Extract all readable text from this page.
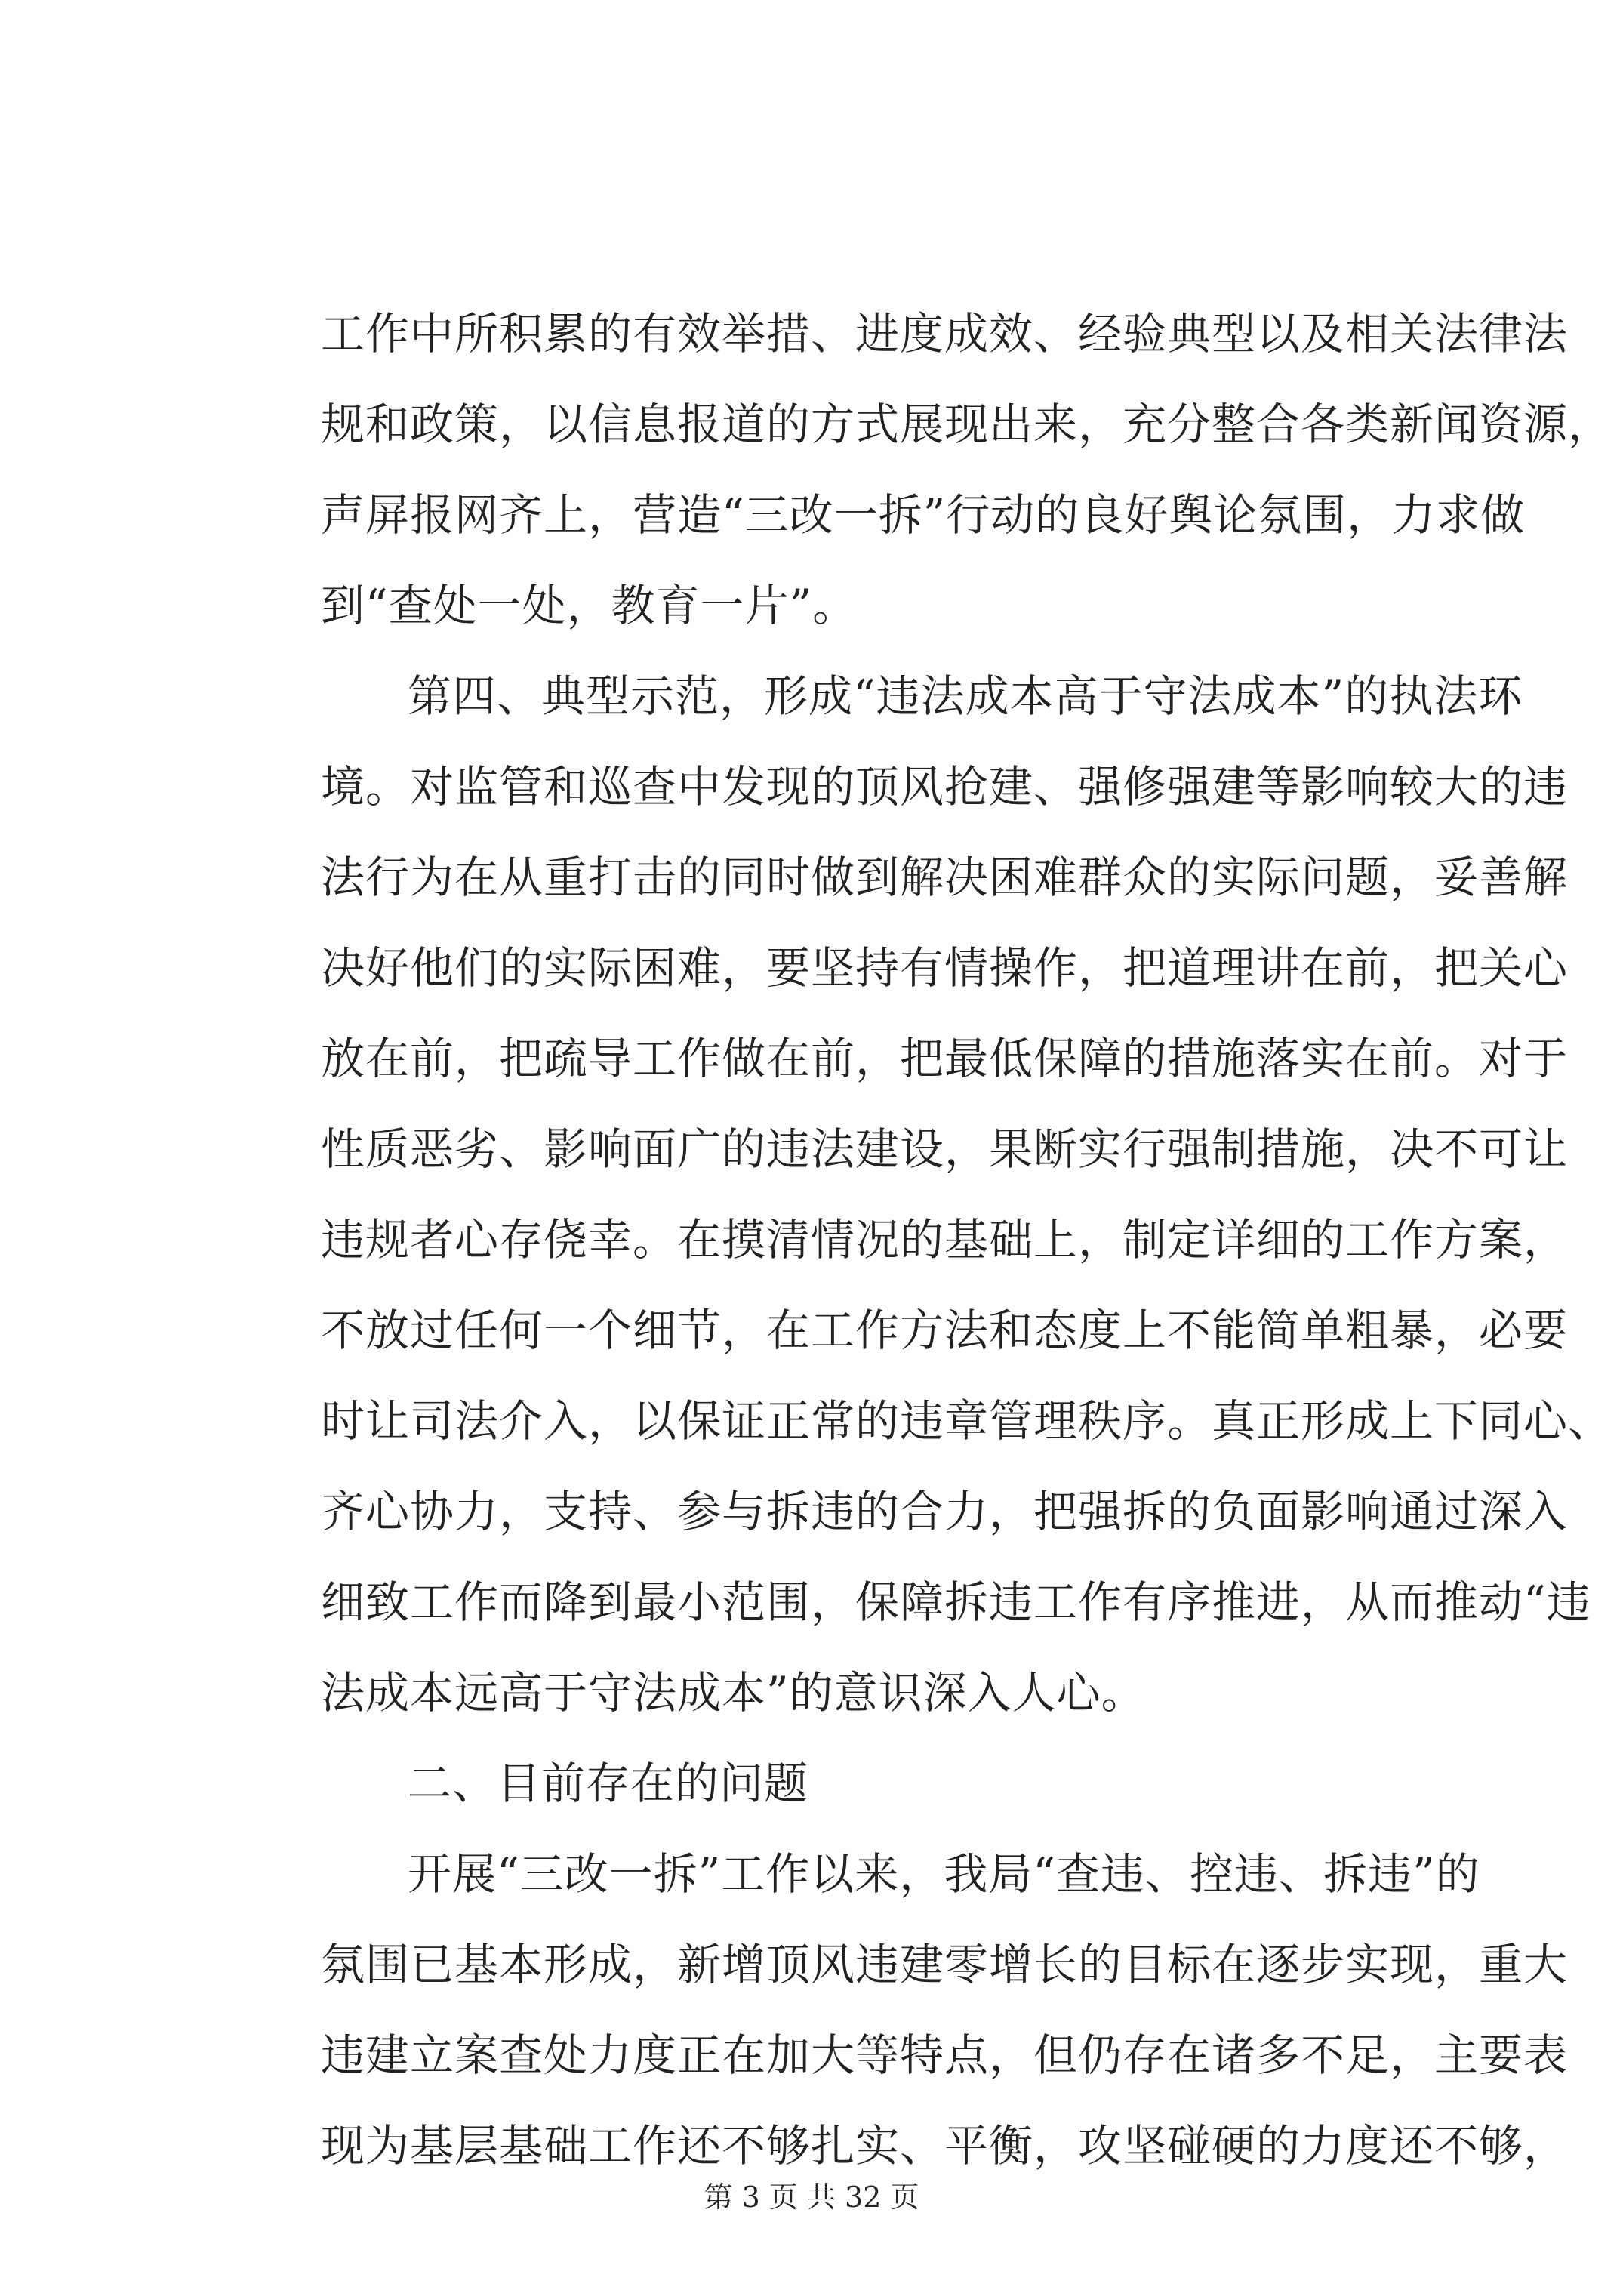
工作中所积累的有效举措、进度成效、经验典型以及相关法律法
规和政策，以信息报道的方式展现出来，充分整合各类新闻资源，
声屏报网齐上，营造“三改一拆”行动的良好舆论氛围，力求做
到“查处一处，教育一片”。
第四、典型示范，形成“违法成本高于守法成本”的执法环
境。对监管和巡查中发现的顶风抢建、强修强建等影响较大的违
法行为在从重打击的同时做到解决困难群众的实际问题，妥善解
决好他们的实际困难，要坚持有情操作，把道理讲在前，把关心
放在前，把疏导工作做在前，把最低保障的措施落实在前。对于
性质恶劣、影响面广的违法建设，果断实行强制措施，决不可让
违规者心存侥幸。在摸清情况的基础上，制定详细的工作方案，
不放过任何一个细节，在工作方法和态度上不能简单粗暴，必要
时让司法介入，以保证正常的违章管理秩序。真正形成上下同心、
齐心协力，支持、参与拆违的合力，把强拆的负面影响通过深入
细致工作而降到最小范围，保障拆违工作有序推进，从而推动“违
法成本远高于守法成本”的意识深入人心。
二、目前存在的问题
开展“三改一拆”工作以来，我局“查违、控违、拆违”的
氛围已基本形成，新增顶风违建零增长的目标在逐步实现，重大
违建立案查处力度正在加大等特点，但仍存在诸多不足，主要表
现为基层基础工作还不够扎实、平衡，攻坚碰硬的力度还不够，
第 3 页 共 32 页
